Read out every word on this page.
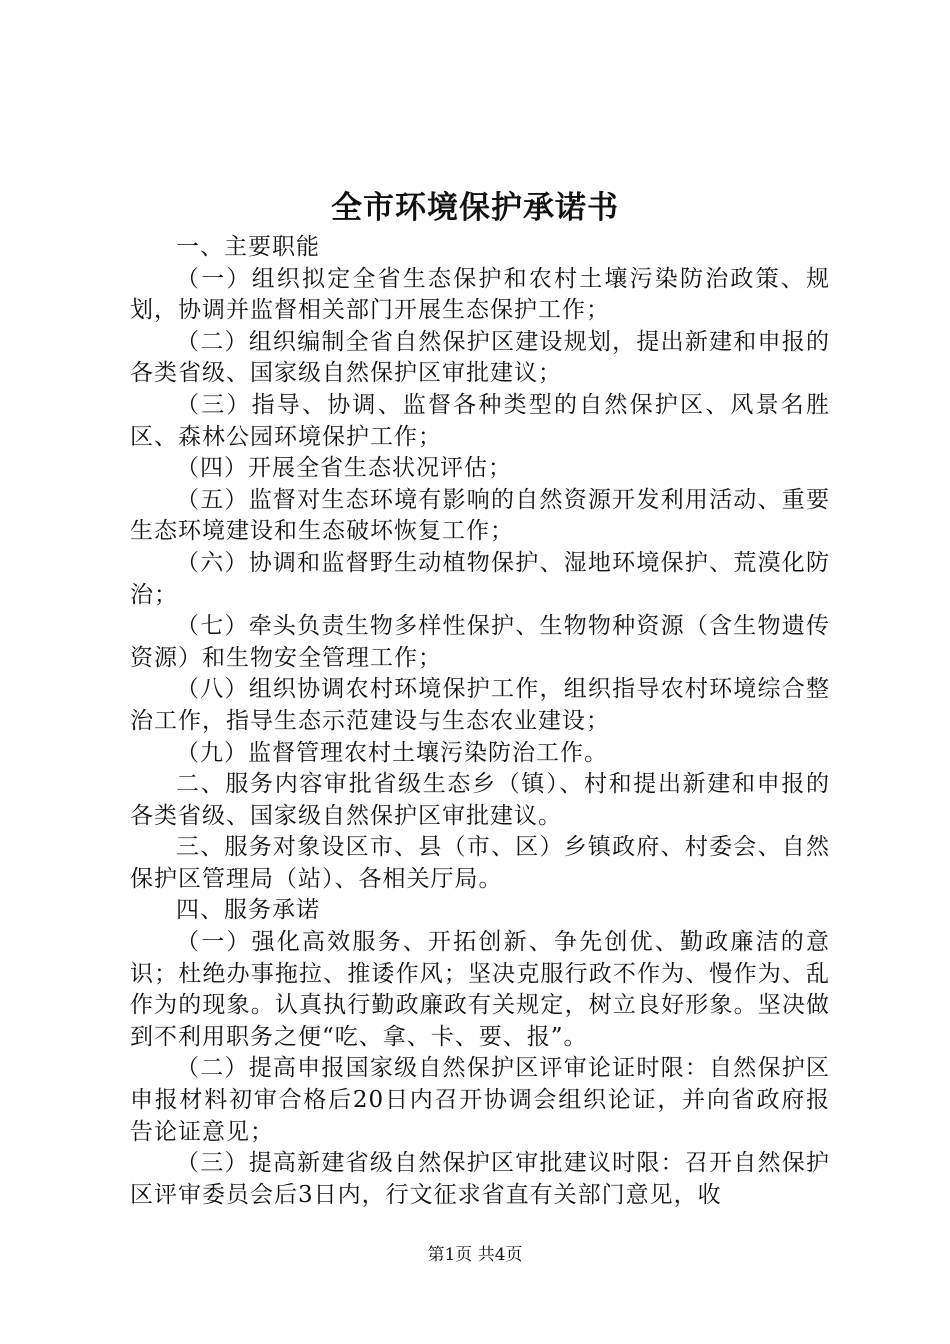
全市环境保护承诺书

一、主要职能

（一）组织拟定全省生态保护和农村土壤污染防治政策、规划，协调并监督相关部门开展生态保护工作；

（二）组织编制全省自然保护区建设规划，提出新建和申报的各类省级、国家级自然保护区审批建议；

（三）指导、协调、监督各种类型的自然保护区、风景名胜区、森林公园环境保护工作；

（四）开展全省生态状况评估；

（五）监督对生态环境有影响的自然资源开发利用活动、重要生态环境建设和生态破坏恢复工作；

（六）协调和监督野生动植物保护、湿地环境保护、荒漠化防治；

（七）牵头负责生物多样性保护、生物物种资源（含生物遗传资源）和生物安全管理工作；

（八）组织协调农村环境保护工作，组织指导农村环境综合整治工作，指导生态示范建设与生态农业建设；

（九）监督管理农村土壤污染防治工作。

二、服务内容审批省级生态乡（镇）、村和提出新建和申报的各类省级、国家级自然保护区审批建议。

三、服务对象设区市、县（市、区）乡镇政府、村委会、自然保护区管理局（站）、各相关厅局。

四、服务承诺

（一）强化高效服务、开拓创新、争先创优、勤政廉洁的意识；杜绝办事拖拉、推诿作风；坚决克服行政不作为、慢作为、乱作为的现象。认真执行勤政廉政有关规定，树立良好形象。坚决做到不利用职务之便“吃、拿、卡、要、报”。

（二）提高申报国家级自然保护区评审论证时限：自然保护区申报材料初审合格后20日内召开协调会组织论证，并向省政府报告论证意见；

（三）提高新建省级自然保护区审批建议时限：召开自然保护区评审委员会后3日内，行文征求省直有关部门意见，收

第1页 共4页
